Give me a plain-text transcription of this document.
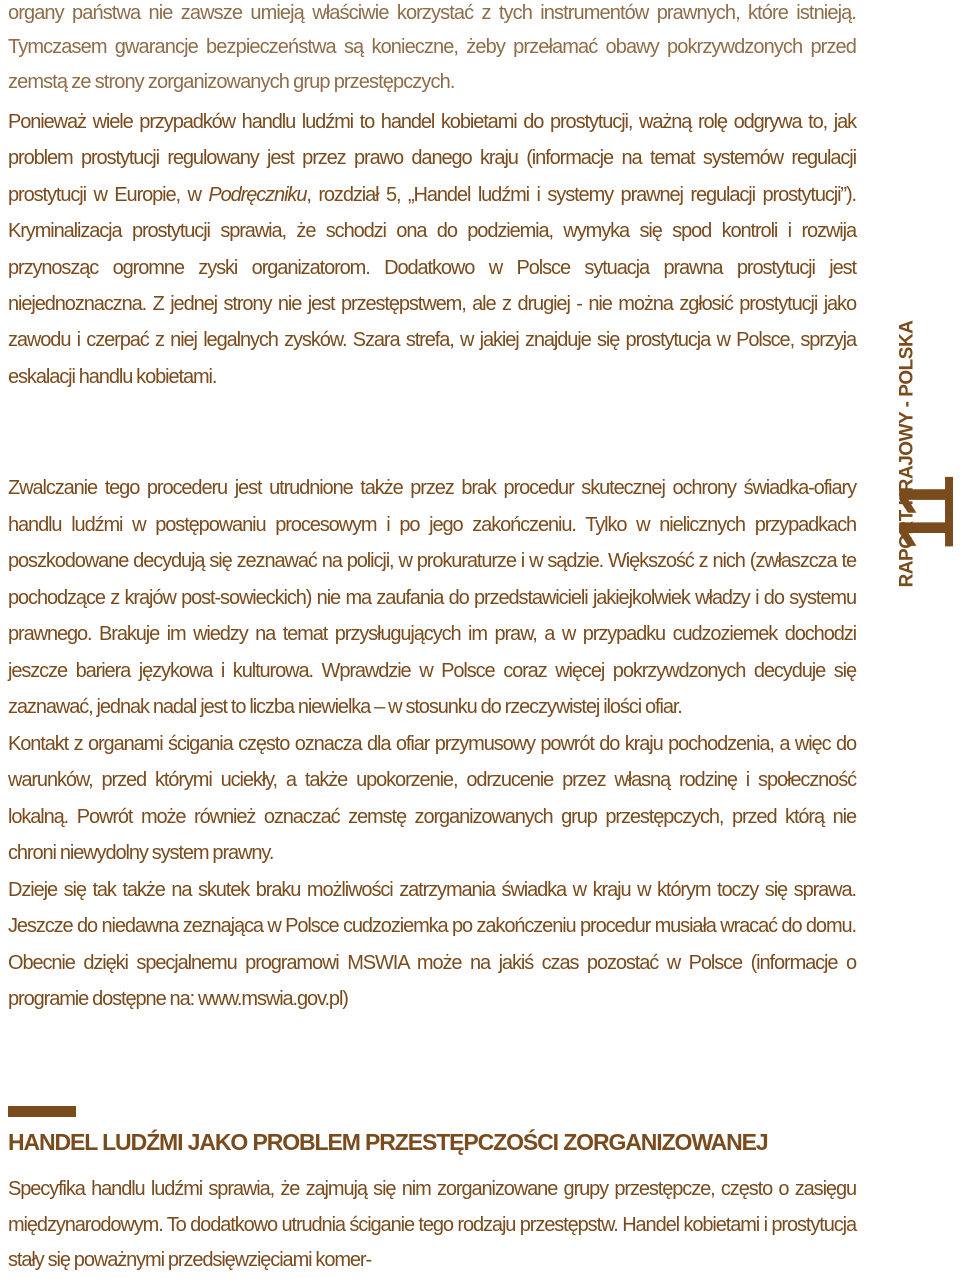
organy państwa nie zawsze umieją właściwie korzystać z tych instrumentów prawnych, które istnieją. Tymczasem gwarancje bezpieczeństwa są konieczne, żeby przełamać obawy pokrzywdzonych przed zemstą ze strony zorganizowanych grup przestępczych.

Ponieważ wiele przypadków handlu ludźmi to handel kobietami do prostytucji, ważną rolę odgrywa to, jak problem prostytucji regulowany jest przez prawo danego kraju (informacje na temat systemów regulacji prostytucji w Europie, w Podręczniku, rozdział 5, „Handel ludźmi i systemy prawnej regulacji prostytucji”). Kryminalizacja prostytucji sprawia, że schodzi ona do podziemia, wymyka się spod kontroli i rozwija przynosząc ogromne zyski organizatorom. Dodatkowo w Polsce sytuacja prawna prostytucji jest niejednoznaczna. Z jednej strony nie jest przestępstwem, ale z drugiej - nie można zgłosić prostytucji jako zawodu i czerpać z niej legalnych zysków. Szara strefa, w jakiej znajduje się prostytucja w Polsce, sprzyja eskalacji handlu kobietami.

Zwalczanie tego procederu jest utrudnione także przez brak procedur skutecznej ochrony świadka-ofiary handlu ludźmi w postępowaniu procesowym i po jego zakończeniu. Tylko w nielicznych przypadkach poszkodowane decydują się zeznawać na policji, w prokuraturze i w sądzie. Większość z nich (zwłaszcza te pochodzące z krajów post-sowieckich) nie ma zaufania do przedstawicieli jakiejkolwiek władzy i do systemu prawnego. Brakuje im wiedzy na temat przysługujących im praw, a w przypadku cudzoziemek dochodzi jeszcze bariera językowa i kulturowa. Wprawdzie w Polsce coraz więcej pokrzywdzonych decyduje się zaznawać, jednak nadal jest to liczba niewielka – w stosunku do rzeczywistej ilości ofiar.

Kontakt z organami ścigania często oznacza dla ofiar przymusowy powrót do kraju pochodzenia, a więc do warunków, przed którymi uciekły, a także upokorzenie, odrzucenie przez własną rodzinę i społeczność lokalną. Powrót może również oznaczać zemstę zorganizowanych grup przestępczych, przed którą nie chroni niewydolny system prawny.

Dzieje się tak także na skutek braku możliwości zatrzymania świadka w kraju w którym toczy się sprawa. Jeszcze do niedawna zeznająca w Polsce cudzoziemka po zakończeniu procedur musiała wracać do domu. Obecnie dzięki specjalnemu programowi MSWIA może na jakiś czas pozostać w Polsce (informacje o programie dostępne na: www.mswia.gov.pl)

HANDEL LUDŹMI JAKO PROBLEM PRZESTĘPCZOŚCI ZORGANIZOWANEJ

Specyfika handlu ludźmi sprawia, że zajmują się nim zorganizowane grupy przestępcze, często o zasięgu międzynarodowym. To dodatkowo utrudnia ściganie tego rodzaju przestępstw. Handel kobietami i prostytucja stały się poważnymi przedsięwzięciami komer-

11
RAPORT KRAJOWY - POLSKA
